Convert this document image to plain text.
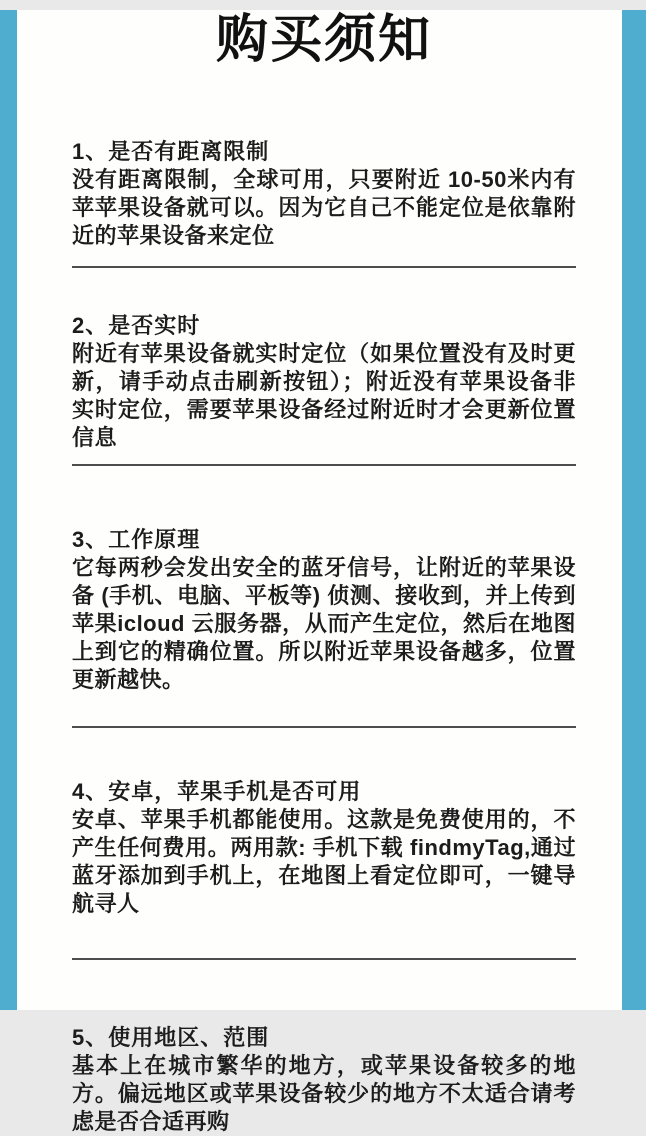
购买须知
1、是否有距离限制

没有距离限制，全球可用，只要附近 10-50米内有苹苹果设备就可以。因为它自己不能定位是依靠附近的苹果设备来定位

2、是否实时

附近有苹果设备就实时定位（如果位置没有及时更新，请手动点击刷新按钮）；附近没有苹果设备非实时定位，需要苹果设备经过附近时才会更新位置信息

3、工作原理

它每两秒会发出安全的蓝牙信号，让附近的苹果设备 (手机、电脑、平板等) 侦测、接收到，并上传到苹果icloud 云服务器，从而产生定位，然后在地图上到它的精确位置。所以附近苹果设备越多，位置更新越快。

4、安卓，苹果手机是否可用

安卓、苹果手机都能使用。这款是免费使用的，不产生任何费用。两用款: 手机下载 findmyTag,通过蓝牙添加到手机上，在地图上看定位即可，一键导航寻人

5、使用地区、范围

基本上在城市繁华的地方，或苹果设备较多的地方。偏远地区或苹果设备较少的地方不太适合请考虑是否合适再购
